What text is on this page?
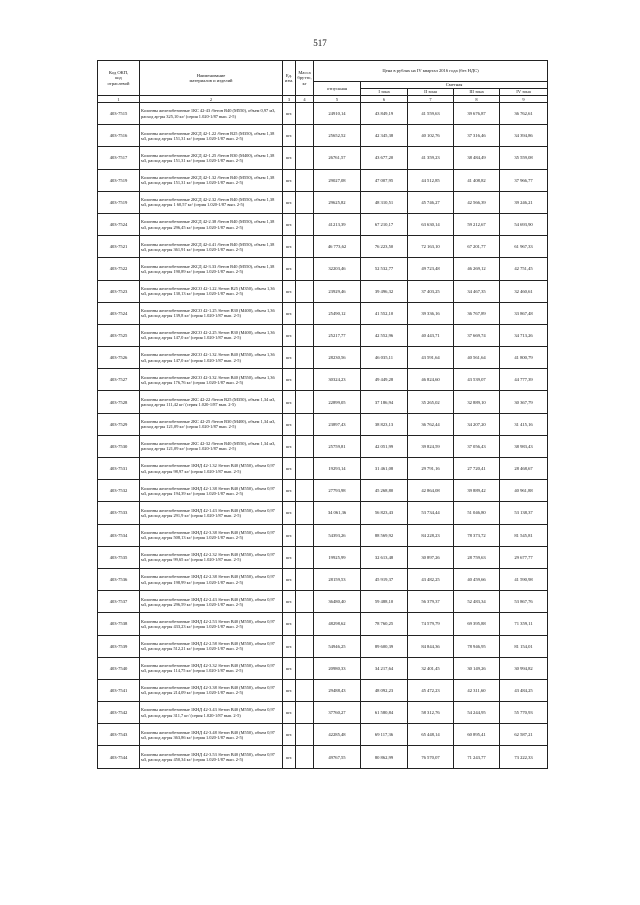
517
Код ОКП,
код
отраслевой	Наименование
материалов и изделий	Ед.
изм.	Масса
брутто,
кг	Цена в рублях на IV квартал 2016 года (без НДС)				
				отпускная	Сметная			
					I зона	II зона	III зона	IV зона
1	2	3	4	5	6	7	8	9
403-7515	Колонны железобетонные 1КС 42-43 /бетон В40 (М550), объем 0,97 м3, расход ар-ры 325,10 кг/ (серия 1.020-1/87 вып. 2-5)	шт.		24910,14	43 849,19	41 559,63	39 676,87	36 762,61
403-7516	Колонны железобетонные 2КСД 42-1.22 /бетон В25 (М350), объем 1,38 м3, расход ар-ры 151,31 кг/ (серия 1.020-1/87 вып. 2-5)	шт.		25652,52	42 345,38	40 102,76	37 316,46	34 394,86
403-7517	Колонны железобетонные 2КСД 42-1.25 /бетон В30 (М400), объем 1,38 м3, расход ар-ры 151,31 кг/ (серия 1.020-1/87 вып. 2-5)	шт.		26761,57	43 677,20	41 359,23	38 484,49	35 559,08
403-7519	Колонны железобетонные 2КСД 42-1.32 /бетон В40 (М550), объем 1,38 м3, расход ар-ры 151,31 кг/ (серия 1.020-1/87 вып. 2-5)	шт.		29027,08	47 007,95	44 512,85	41 408,82	37 966,77
403-7519	Колонны железобетонные 2КСД 42-2.32 /бетон В40 (М550), объем 1,38 м3, расход ар-ры 1 60,57 кг/ (серия 1.020-1/87 вып. 2-5)	шт.		29625,82	48 310,51	45 746,27	42 566,39	39 246,21
403-7524	Колонны железобетонные 2КСД 42-2.38 /бетон В40 (М550), объем 1,38 м3, расход ар-ры 296,45 кг/ (серия 1.020-1/87 вып. 2-5)	шт.		41213,39	67 210,17	63 630,14	59 212,67	54 693,90
403-7521	Колонны железобетонные 2КСД 42-4.41 /бетон В40 (М550), объем 1,38 м3, расход ар-ры 361,91 кг/ (серия 1.020-1/87 вып. 2-5)	шт.		46 773,62	76 223,50	72 163,10	67 201,77	61 967,33
403-7522	Колонны железобетонные 2КСД 42-3.33 /бетон В40 (М550), объем 1,38 м3, расход ар-ры 190,89 кг/ (серия 1.020-1/87 вып. 2-5)	шт.		32203,46	52 532,77	49 723,48	46 269,12	42 751,45
403-7523	Колонны железобетонные 2КСО 42-1.22 /бетон В25 (М350), объем 1,36 м3, расход ар-ры 130,13 кг/ (серия 1.020-1/87 вып. 2-5)	шт.		23929,46	39 496,32	37 403,25	34 467,35	32 460,61
403-7524	Колонны железобетонные 2КСО 42-1.25 /бетон В30 (М400), объем 1,36 м3, расход ар-ры 139,8 кг/ (серия 1.020-1/87 вып. 2-5)	шт.		25490,12	41 552,10	39 336,16	36 767,89	33 867,48
403-7525	Колонны железобетонные 2КСО 42-2.25 /бетон В30 (М400), объем 1,36 м3, расход ар-ры 147,0 кг/ (серия 1.020-1/87 вып. 2-5)	шт.		25217,77	42 552,96	40 443,71	37 669,74	34 713,26
403-7526	Колонны железобетонные 2КСО 42-1.32 /бетон В40 (М550), объем 1,36 м3, расход ар-ры 147,0 кг/ (серия 1.020-1/87 вып. 2-5)	шт.		28230,56	46 035,11	43 591,64	40 561,64	41 800,79
403-7527	Колонны железобетонные 2КСО 42-3.32 /бетон В40 (М550), объем 1,36 м3, расход ар-ры 176,76 кг/ (серия 1.020-1/87 вып. 2-5)	шт.		30324,23	49 449,28	46 824,60	43 539,07	44 777,39
403-7528	Колонны железобетонные 2КС 42-22 /бетон В25 (М350), объем 1,34 м3, расход ар-ры 111,42 кг/ (серия 1.020-1/87 вып. 2-5)	шт.		22899,05	37 186,94	35 265,02	32 889,10	30 367,79
403-7529	Колонны железобетонные 2КС 42-25 /бетон В30 (М400), объем 1,34 м3, расход ар-ры 121,09 кг/ (серия 1.020-1/87 вып. 2-5)	шт.		23897,43	38 823,13	36 762,44	34 207,20	31 415,16
403-7530	Колонны железобетонные 2КС 42-32 /бетон В40 (М550), объем 1,34 м3, расход ар-ры 121,09 кг/ (серия 1.020-1/87 вып. 2-5)	шт.		25759,81	42 051,99	39 824,59	37 056,43	38 983,43
403-7531	Колонны железобетонные 1КНД 42-1.32 /бетон В40 (М550), объем 0,97 м3, расход ар-ры 98,97 кг/ (серия 1.020-1/87 вып. 2-5)	шт.		19293,14	31 461,08	29 791,16	27 720,41	28 468,67
403-7532	Колонны железобетонные 1КНД 42-1.38 /бетон В40 (М550), объем 0,97 м3, расход ар-ры 194,39 кг/ (серия 1.020-1/87 вып. 2-5)	шт.		27793,98	45 268,80	42 864,08	39 889,42	40 961,88
403-7533	Колонны железобетонные 1КНД 42-1.43 /бетон В40 (М550), объем 0,97 м3, расход ар-ры 291,9 кг/ (серия 1.020-1/87 вып. 2-5)	шт.		34 061,36	56 823,43	53 734,44	51 046,80	53 138,37
403-7534	Колонны железобетонные 1КНД 42-3.38 /бетон В40 (М550), объем 0,97 м3, расход ар-ры 508,13 кг/ (серия 1.020-1/87 вып. 2-5)	шт.		54393,26	88 569,92	84 228,23	78 373,72	81 545,81
403-7535	Колонны железобетонные 1КНД 42-2.32 /бетон В40 (М550), объем 0,97 м3, расход ар-ры 99,65 кг/ (серия 1.020-1/87 вып. 2-5)	шт.		19925,99	32 613,48	30 897,26	28 759,63	29 677,77
403-7536	Колонны железобетонные 1КНД 42-2.38 /бетон В40 (М550), объем 0,97 м3, расход ар-ры 198,99 кг/ (серия 1.020-1/87 вып. 2-5)	шт.		28159,53	45 919,37	43 482,25	40 459,66	41 590,98
403-7537	Колонны железобетонные 1КНД 42-2.43 /бетон В40 (М550), объем 0,97 м3, расход ар-ры 296,59 кг/ (серия 1.020-1/87 вып. 2-5)	шт.		36480,40	59 488,10	56 379,37	52 483,34	53 867,76
403-7538	Колонны железобетонные 1КНД 42-2.53 /бетон В40 (М550), объем 0,97 м3, расход ар-ры 433,23 кг/ (серия 1.020-1/87 вып. 2-5)	шт.		48298,62	78 760,25	74 579,79	69 395,88	71 359,11
403-7539	Колонны железобетонные 1КНД 42-2.58 /бетон В40 (М550), объем 0,97 м3, расход ар-ры 512,21 кг/ (серия 1.020-1/87 вып. 2-5)	шт.		54946,25	89 600,39	84 844,36	78 946,95	81 154,01
403-7540	Колонны железобетонные 1КНД 42-3.32 /бетон В40 (М550), объем 0,97 м3, расход ар-ры 114,75 кг/ (серия 1.020-1/87 вып. 2-5)	шт.		20980,33	34 217,64	32 401,45	30 149,26	30 994,82
403-7541	Колонны железобетонные 1КНД 42-3.38 /бетон В40 (М550), объем 0,97 м3, расход ар-ры 214,09 кг/ (серия 1.020-1/87 вып. 2-5)	шт.		29488,43	48 092,23	45 472,23	42 311,60	43 484,25
403-7542	Колонны железобетонные 1КНД 42-3.43 /бетон В40 (М550), объем 0,97 м3, расход ар-ры 311,7 кг/ (серия 1.020-1/87 вып. 2-5)	шт.		37760,27	61 580,84	58 312,76	54 244,95	55 770,93
403-7543	Колонны железобетонные 1КНД 42-3.48 /бетон В40 (М550), объем 0,97 м3, расход ар-ры 363,86 кг/ (серия 1.020-1/87 вып. 2-5)	шт.		42285,48	69 117,36	65 448,14	60 895,41	62 587,21
403-7544	Колонны железобетонные 1КНД 42-3.53 /бетон В40 (М550), объем 0,97 м3, расход ар-ры 450,34 кг/ (серия 1.020-1/87 вып. 2-5)	шт.		49767,55	80 862,99	76 570,07	71 243,77	73 222,33
